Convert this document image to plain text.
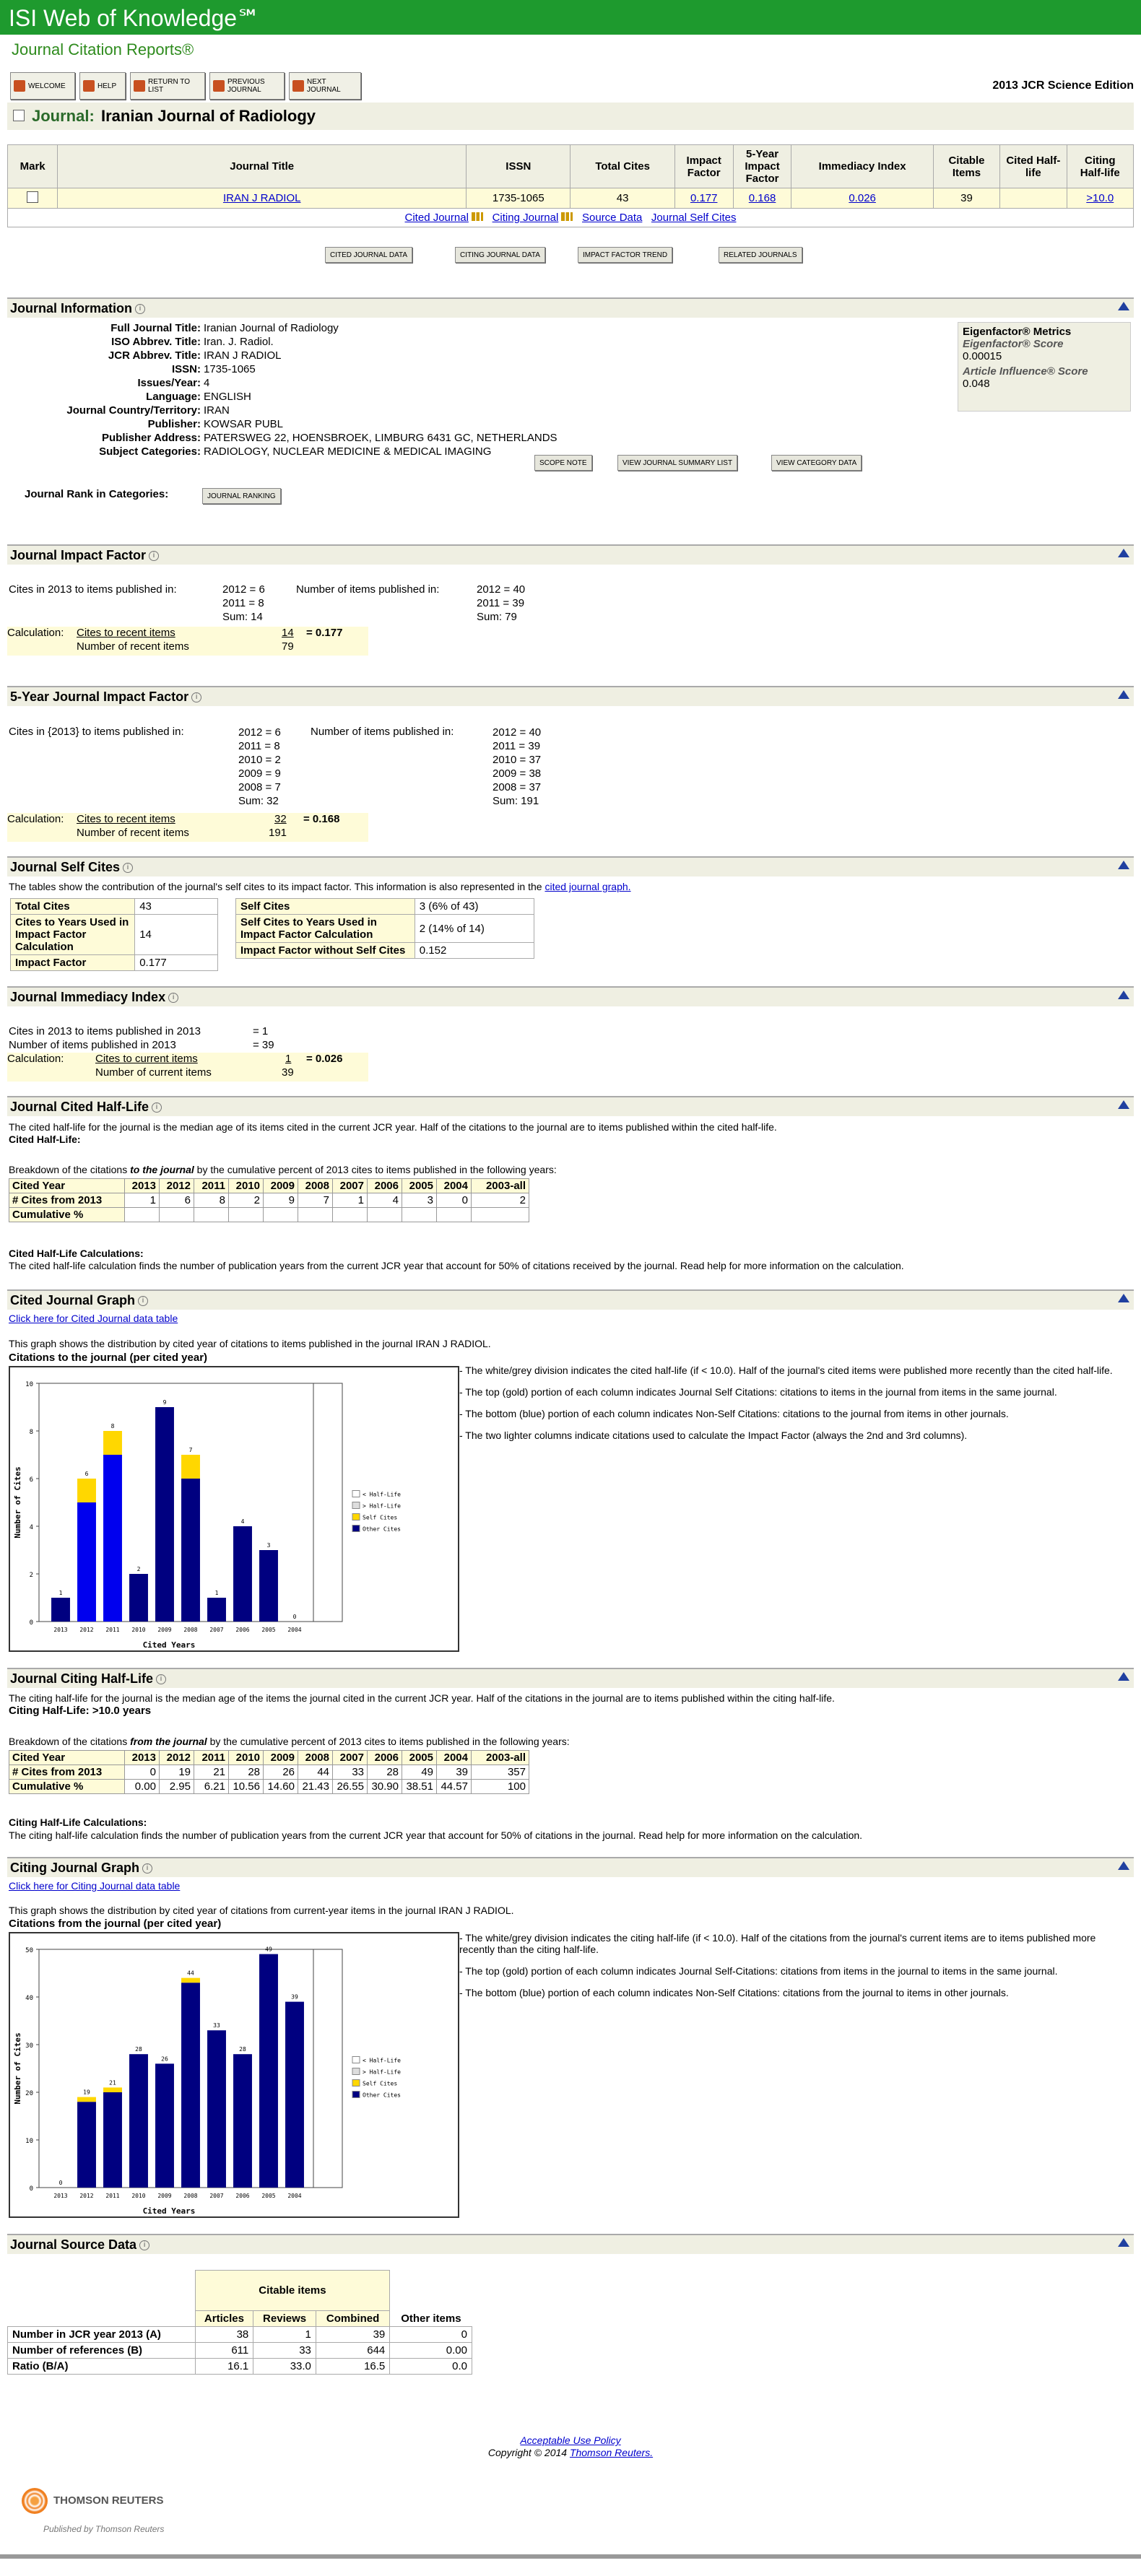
ISI Web of Knowledge℠
Journal Citation Reports®
WELCOME	HELP	RETURN TO LIST
PREVIOUS JOURNAL
NEXT JOURNAL	2013 JCR Science Edition
Journal: Iranian Journal of Radiology
Mark	Journal Title	ISSN	Total Cites	Impact Factor	5-Year Impact Factor	Immediacy Index	Citable Items	Cited Half-life	Citing Half-life
	IRAN J RADIOL	1735-1065	43	0.177	0.168	0.026	39		>10.0
Cited Journal Citing Journal Source Data Journal Self Cites									
CITED JOURNAL DATA	CITING JOURNAL DATA	IMPACT FACTOR TREND	RELATED JOURNALS
Journal Information i
Full Journal Title: Iranian Journal of Radiology
ISO Abbrev. Title: Iran. J. Radiol.
JCR Abbrev. Title: IRAN J RADIOL
ISSN: 1735-1065
Issues/Year: 4
Language: ENGLISH
Journal Country/Territory: IRAN
Publisher: KOWSAR PUBL
Publisher Address: PATERSWEG 22, HOENSBROEK, LIMBURG 6431 GC, NETHERLANDS
Subject Categories: RADIOLOGY, NUCLEAR MEDICINE & MEDICAL IMAGING
SCOPE NOTE	VIEW JOURNAL SUMMARY LIST	VIEW CATEGORY DATA
Journal Rank in Categories:	JOURNAL RANKING
Eigenfactor® Metrics
Eigenfactor® Score
0.00015
Article Influence® Score
0.048
Journal Impact Factor i
Cites in 2013 to items published in:	2012 = 6
2011 = 8
Sum: 14
Number of items published in:	2012 = 40
2011 = 39
Sum: 79
Calculation: Cites to recent items
Number of recent items
14
79
= 0.177
5-Year Journal Impact Factor i
Cites in {2013} to items published in:	2012 = 6
2011 = 8
2010 = 2
2009 = 9
2008 = 7
Sum: 32
Number of items published in:	2012 = 40
2011 = 39
2010 = 37
2009 = 38
2008 = 37
Sum: 191
Calculation: Cites to recent items
Number of recent items
32
191
= 0.168
Journal Self Cites i
The tables show the contribution of the journal's self cites to its impact factor. This information is also represented in the cited journal graph.
Total Cites	43
Cites to Years Used in Impact Factor Calculation	14
Impact Factor	0.177
Self Cites	3 (6% of 43)
Self Cites to Years Used in Impact Factor Calculation	2 (14% of 14)
Impact Factor without Self Cites	0.152
Journal Immediacy Index i
Cites in 2013 to items published in 2013	= 1
Number of items published in 2013	= 39
Calculation:	Cites to current items
Number of current items
1
39
= 0.026
Journal Cited Half-Life i
The cited half-life for the journal is the median age of its items cited in the current JCR year. Half of the citations to the journal are to items published within the cited half-life.
Cited Half-Life:
Breakdown of the citations to the journal by the cumulative percent of 2013 cites to items published in the following years:
Cited Year	2013	2012	2011	2010	2009	2008	2007	2006	2005	2004	2003-all
# Cites from 2013	1	6	8	2	9	7	1	4	3	0	2
Cumulative %											
Cited Half-Life Calculations:
The cited half-life calculation finds the number of publication years from the current JCR year that account for 50% of citations received by the journal. Read help for more information on the calculation.
Cited Journal Graph i
Click here for Cited Journal data table
This graph shows the distribution by cited year of citations to items published in the journal IRAN J RADIOL.
Citations to the journal (per cited year)
0
2
4
6
8
10
Number of Cites
Cited Years
1
2013
6
2012
8
2011
2
2010
9
2009
7
2008
1
2007
4
2006
3
2005
0
2004
< Half-Life
> Half-Life
Self Cites
Other Cites

- The white/grey division indicates the cited half-life (if < 10.0). Half of the journal's cited items were published more recently than the cited half-life.

- The top (gold) portion of each column indicates Journal Self Citations: citations to items in the journal from items in the same journal.

- The bottom (blue) portion of each column indicates Non-Self Citations: citations to the journal from items in other journals.

- The two lighter columns indicate citations used to calculate the Impact Factor (always the 2nd and 3rd columns).

Journal Citing Half-Life i
The citing half-life for the journal is the median age of the items the journal cited in the current JCR year. Half of the citations in the journal are to items published within the citing half-life.
Citing Half-Life: >10.0 years
Breakdown of the citations from the journal by the cumulative percent of 2013 cites to items published in the following years:
Cited Year	2013	2012	2011	2010	2009	2008	2007	2006	2005	2004	2003-all
# Cites from 2013	0	19	21	28	26	44	33	28	49	39	357
Cumulative %	0.00	2.95	6.21	10.56	14.60	21.43	26.55	30.90	38.51	44.57	100
Citing Half-Life Calculations:
The citing half-life calculation finds the number of publication years from the current JCR year that account for 50% of citations in the journal. Read help for more information on the calculation.
Citing Journal Graph i
Click here for Citing Journal data table
This graph shows the distribution by cited year of citations from current-year items in the journal IRAN J RADIOL.
Citations from the journal (per cited year)
0
10
20
30
40
50
Number of Cites
Cited Years
0
2013
19
2012
21
2011
28
2010
26
2009
44
2008
33
2007
28
2006
49
2005
39
2004
< Half-Life
> Half-Life
Self Cites
Other Cites

- The white/grey division indicates the citing half-life (if < 10.0). Half of the citations from the journal's current items are to items published more recently than the citing half-life.

- The top (gold) portion of each column indicates Journal Self-Citations: citations from items in the journal to items in the same journal.

- The bottom (blue) portion of each column indicates Non-Self Citations: citations from the journal to items in other journals.

Journal Source Data i
	Citable items			
	Articles	Reviews	Combined	Other items
Number in JCR year 2013 (A)	38	1	39	0
Number of references (B)	611	33	644	0.00
Ratio (B/A)	16.1	33.0	16.5	0.0
Acceptable Use Policy
Copyright © 2014 Thomson Reuters.
THOMSON REUTERS
Published by Thomson Reuters
